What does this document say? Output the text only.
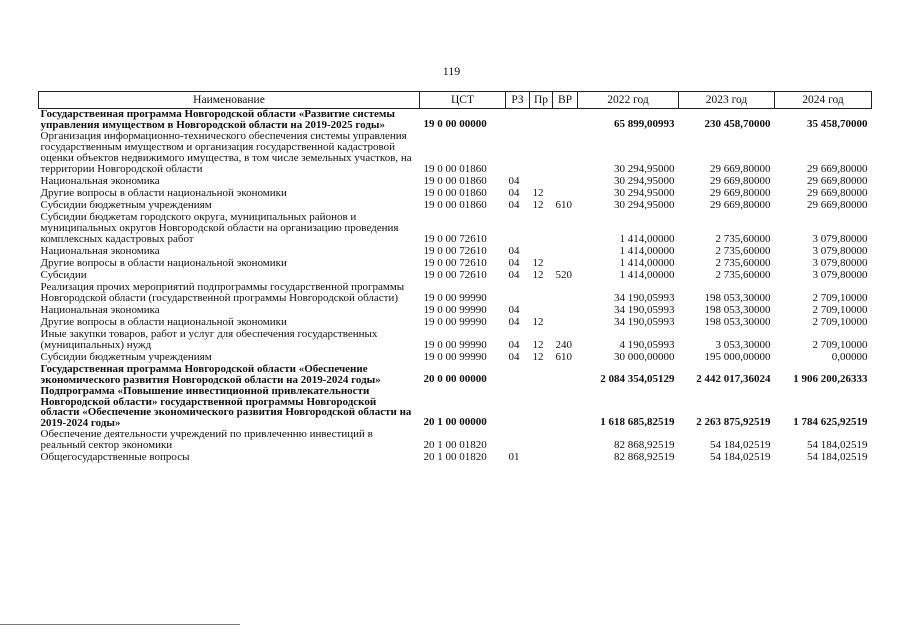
119
Наименование	ЦСТ	РЗ	Пр	ВР	2022 год	2023 год	2024 год
Государственная программа Новгородской области «Развитие системы управления имуществом в Новгородской области на 2019-2025 годы»	19 0 00 00000				65 899,00993	230 458,70000	35 458,70000
Организация информационно-технического обеспечения системы управления государственным имуществом и организация государственной кадастровой оценки объектов недвижимого имущества, в том числе земельных участков, на территории Новгородской области	19 0 00 01860				30 294,95000	29 669,80000	29 669,80000
Национальная экономика	19 0 00 01860	04			30 294,95000	29 669,80000	29 669,80000
Другие вопросы в области национальной экономики	19 0 00 01860	04	12		30 294,95000	29 669,80000	29 669,80000
Субсидии бюджетным учреждениям	19 0 00 01860	04	12	610	30 294,95000	29 669,80000	29 669,80000
Субсидии бюджетам городского округа, муниципальных районов и муниципальных округов Новгородской области на организацию проведения комплексных кадастровых работ	19 0 00 72610				1 414,00000	2 735,60000	3 079,80000
Национальная экономика	19 0 00 72610	04			1 414,00000	2 735,60000	3 079,80000
Другие вопросы в области национальной экономики	19 0 00 72610	04	12		1 414,00000	2 735,60000	3 079,80000
Субсидии	19 0 00 72610	04	12	520	1 414,00000	2 735,60000	3 079,80000
Реализация прочих мероприятий подпрограммы государственной программы Новгородской области (государственной программы Новгородской области)	19 0 00 99990				34 190,05993	198 053,30000	2 709,10000
Национальная экономика	19 0 00 99990	04			34 190,05993	198 053,30000	2 709,10000
Другие вопросы в области национальной экономики	19 0 00 99990	04	12		34 190,05993	198 053,30000	2 709,10000
Иные закупки товаров, работ и услуг для обеспечения государственных (муниципальных) нужд	19 0 00 99990	04	12	240	4 190,05993	3 053,30000	2 709,10000
Субсидии бюджетным учреждениям	19 0 00 99990	04	12	610	30 000,00000	195 000,00000	0,00000
Государственная программа Новгородской области «Обеспечение экономического развития Новгородской области на 2019-2024 годы»	20 0 00 00000				2 084 354,05129	2 442 017,36024	1 906 200,26333
Подпрограмма «Повышение инвестиционной привлекательности Новгородской области» государственной программы Новгородской области «Обеспечение экономического развития Новгородской области на 2019-2024 годы»	20 1 00 00000				1 618 685,82519	2 263 875,92519	1 784 625,92519
Обеспечение деятельности учреждений по привлеченню инвестиций в реальный сектор экономики	20 1 00 01820				82 868,92519	54 184,02519	54 184,02519
Общегосударственные вопросы	20 1 00 01820	01			82 868,92519	54 184,02519	54 184,02519
